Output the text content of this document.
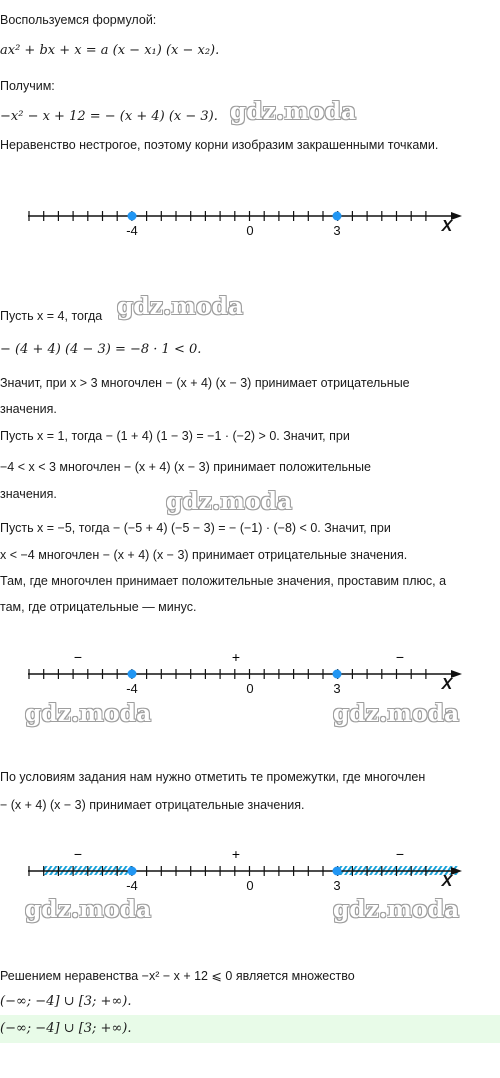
Воспользуемся формулой:
ax² + bx + x = a (x − x₁) (x − x₂).
Получим:
−x² − x + 12 = − (x + 4) (x − 3).
Неравенство нестрогое, поэтому корни изобразим закрашенными точками.
-4	0	3	X
Пусть x = 4, тогда
− (4 + 4) (4 − 3) = −8 · 1 < 0.
Значит, при x > 3 многочлен − (x + 4) (x − 3) принимает отрицательные
значения.
Пусть x = 1, тогда − (1 + 4) (1 − 3) = −1 · (−2) > 0. Значит, при
−4 < x < 3 многочлен − (x + 4) (x − 3) принимает положительные
значения.
Пусть x = −5, тогда − (−5 + 4) (−5 − 3) = − (−1) · (−8) < 0. Значит, при
x < −4 многочлен − (x + 4) (x − 3) принимает отрицательные значения.
Там, где многочлен принимает положительные значения, проставим плюс, а
там, где отрицательные — минус.
−	+	−
-4	0	3	X
По условиям задания нам нужно отметить те промежутки, где многочлен
− (x + 4) (x − 3) принимает отрицательные значения.
−	+	−
-4	0	3	X
Решением неравенства −x² − x + 12 ⩽ 0 является множество
(−∞; −4] ∪ [3; +∞).
(−∞; −4] ∪ [3; +∞).
gdz.moda
gdz.moda
gdz.moda
gdz.moda	gdz.moda
gdz.moda	gdz.moda
